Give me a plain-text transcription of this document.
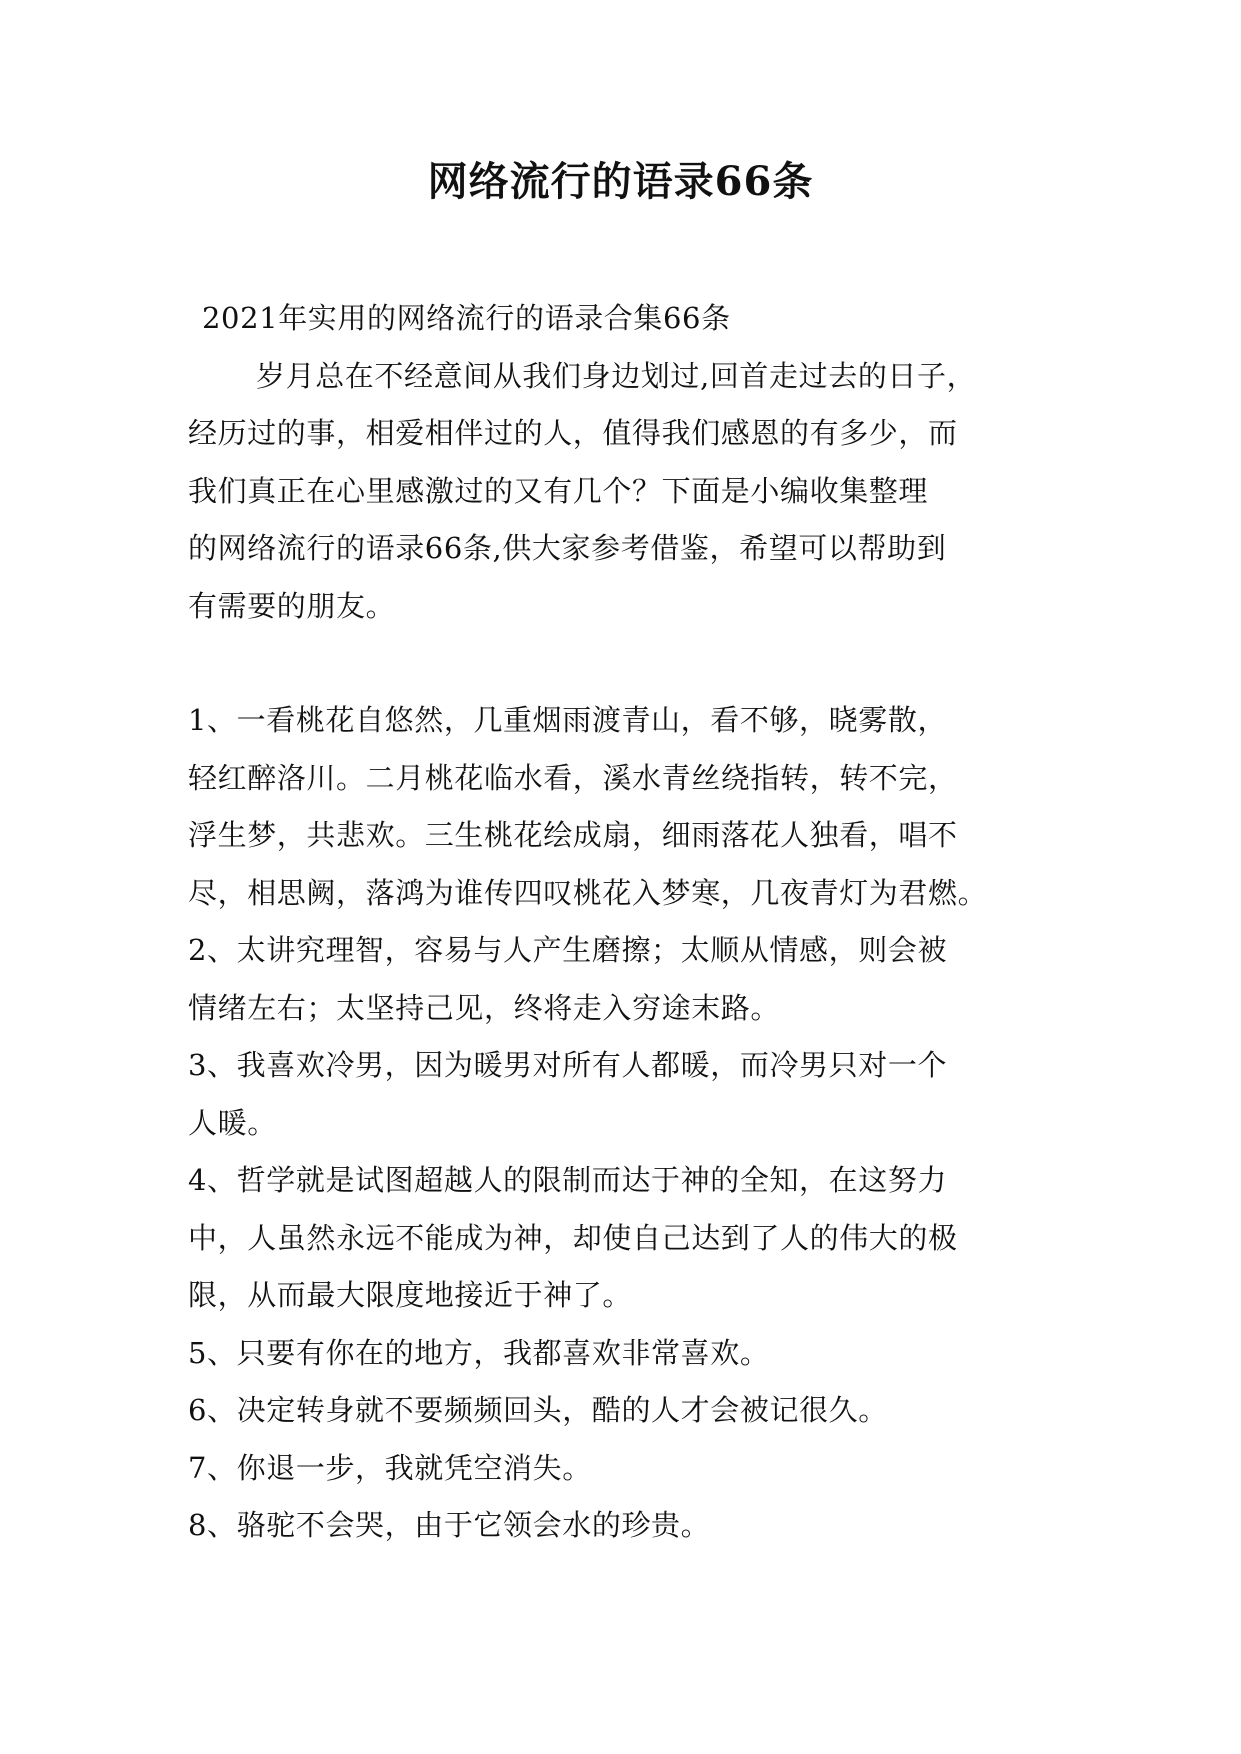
网络流行的语录66条
2021年实用的网络流行的语录合集66条
岁月总在不经意间从我们身边划过,回首走过去的日子，
经历过的事，相爱相伴过的人，值得我们感恩的有多少，而
我们真正在心里感激过的又有几个？下面是小编收集整理
的网络流行的语录66条,供大家参考借鉴，希望可以帮助到
有需要的朋友。
1、一看桃花自悠然，几重烟雨渡青山，看不够，晓雾散，
轻红醉洛川。二月桃花临水看，溪水青丝绕指转，转不完，
浮生梦，共悲欢。三生桃花绘成扇，细雨落花人独看，唱不
尽，相思阙，落鸿为谁传四叹桃花入梦寒，几夜青灯为君燃。
2、太讲究理智，容易与人产生磨擦；太顺从情感，则会被
情绪左右；太坚持己见，终将走入穷途末路。
3、我喜欢冷男，因为暖男对所有人都暖，而冷男只对一个
人暖。
4、哲学就是试图超越人的限制而达于神的全知，在这努力
中，人虽然永远不能成为神，却使自己达到了人的伟大的极
限，从而最大限度地接近于神了。
5、只要有你在的地方，我都喜欢非常喜欢。
6、决定转身就不要频频回头，酷的人才会被记很久。
7、你退一步，我就凭空消失。
8、骆驼不会哭，由于它领会水的珍贵。
